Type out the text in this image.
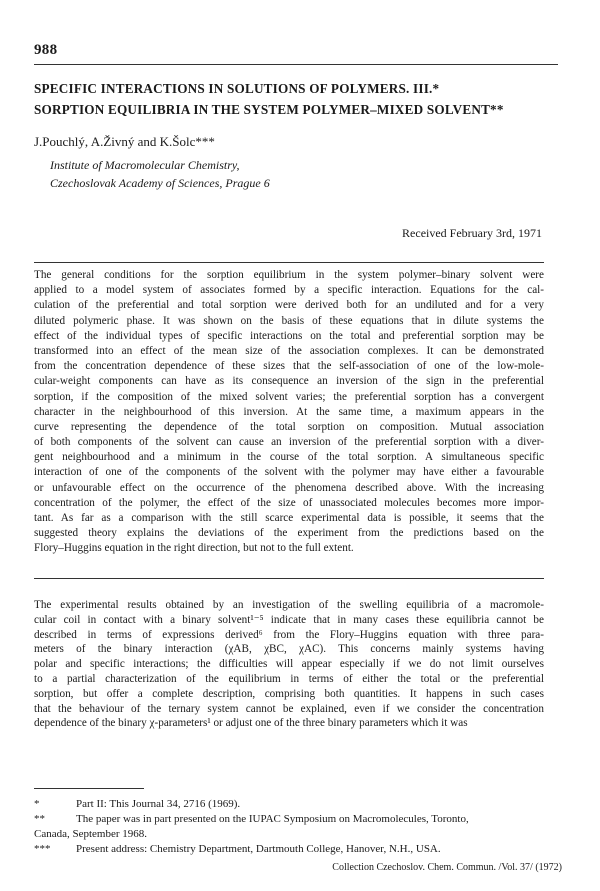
988
SPECIFIC INTERACTIONS IN SOLUTIONS OF POLYMERS. III.*
SORPTION EQUILIBRIA IN THE SYSTEM POLYMER–MIXED SOLVENT**
J.Pouchlý, A.Živný and K.Šolc***
Institute of Macromolecular Chemistry,
Czechoslovak Academy of Sciences, Prague 6
Received February 3rd, 1971
The general conditions for the sorption equilibrium in the system polymer–binary solvent were
applied to a model system of associates formed by a specific interaction. Equations for the cal-
culation of the preferential and total sorption were derived both for an undiluted and for a very
diluted polymeric phase. It was shown on the basis of these equations that in dilute systems the
effect of the individual types of specific interactions on the total and preferential sorption may be
transformed into an effect of the mean size of the association complexes. It can be demonstrated
from the concentration dependence of these sizes that the self-association of one of the low-mole-
cular-weight components can have as its consequence an inversion of the sign in the preferential
sorption, if the composition of the mixed solvent varies; the preferential sorption has a convergent
character in the neighbourhood of this inversion. At the same time, a maximum appears in the
curve representing the dependence of the total sorption on composition. Mutual association
of both components of the solvent can cause an inversion of the preferential sorption with a diver-
gent neighbourhood and a minimum in the course of the total sorption. A simultaneous specific
interaction of one of the components of the solvent with the polymer may have either a favourable
or unfavourable effect on the occurrence of the phenomena described above. With the increasing
concentration of the polymer, the effect of the size of unassociated molecules becomes more impor-
tant. As far as a comparison with the still scarce experimental data is possible, it seems that the
suggested theory explains the deviations of the experiment from the predictions based on the
Flory–Huggins equation in the right direction, but not to the full extent.
The experimental results obtained by an investigation of the swelling equilibria of a macromole-
cular coil in contact with a binary solvent¹⁻⁵ indicate that in many cases these equilibria cannot be
described in terms of expressions derived⁶ from the Flory–Huggins equation with three para-
meters of the binary interaction (χAB, χBC, χAC). This concerns mainly systems having
polar and specific interactions; the difficulties will appear especially if we do not limit ourselves
to a partial characterization of the equilibrium in terms of either the total or the preferential
sorption, but offer a complete description, comprising both quantities. It happens in such cases
that the behaviour of the ternary system cannot be explained, even if we consider the concentration
dependence of the binary χ-parameters¹ or adjust one of the three binary parameters which it was
*	Part II: This Journal 34, 2716 (1969).
**	The paper was in part presented on the IUPAC Symposium on Macromolecules, Toronto,
Canada, September 1968.
***	Present address: Chemistry Department, Dartmouth College, Hanover, N.H., USA.
Collection Czechoslov. Chem. Commun. /Vol. 37/ (1972)
